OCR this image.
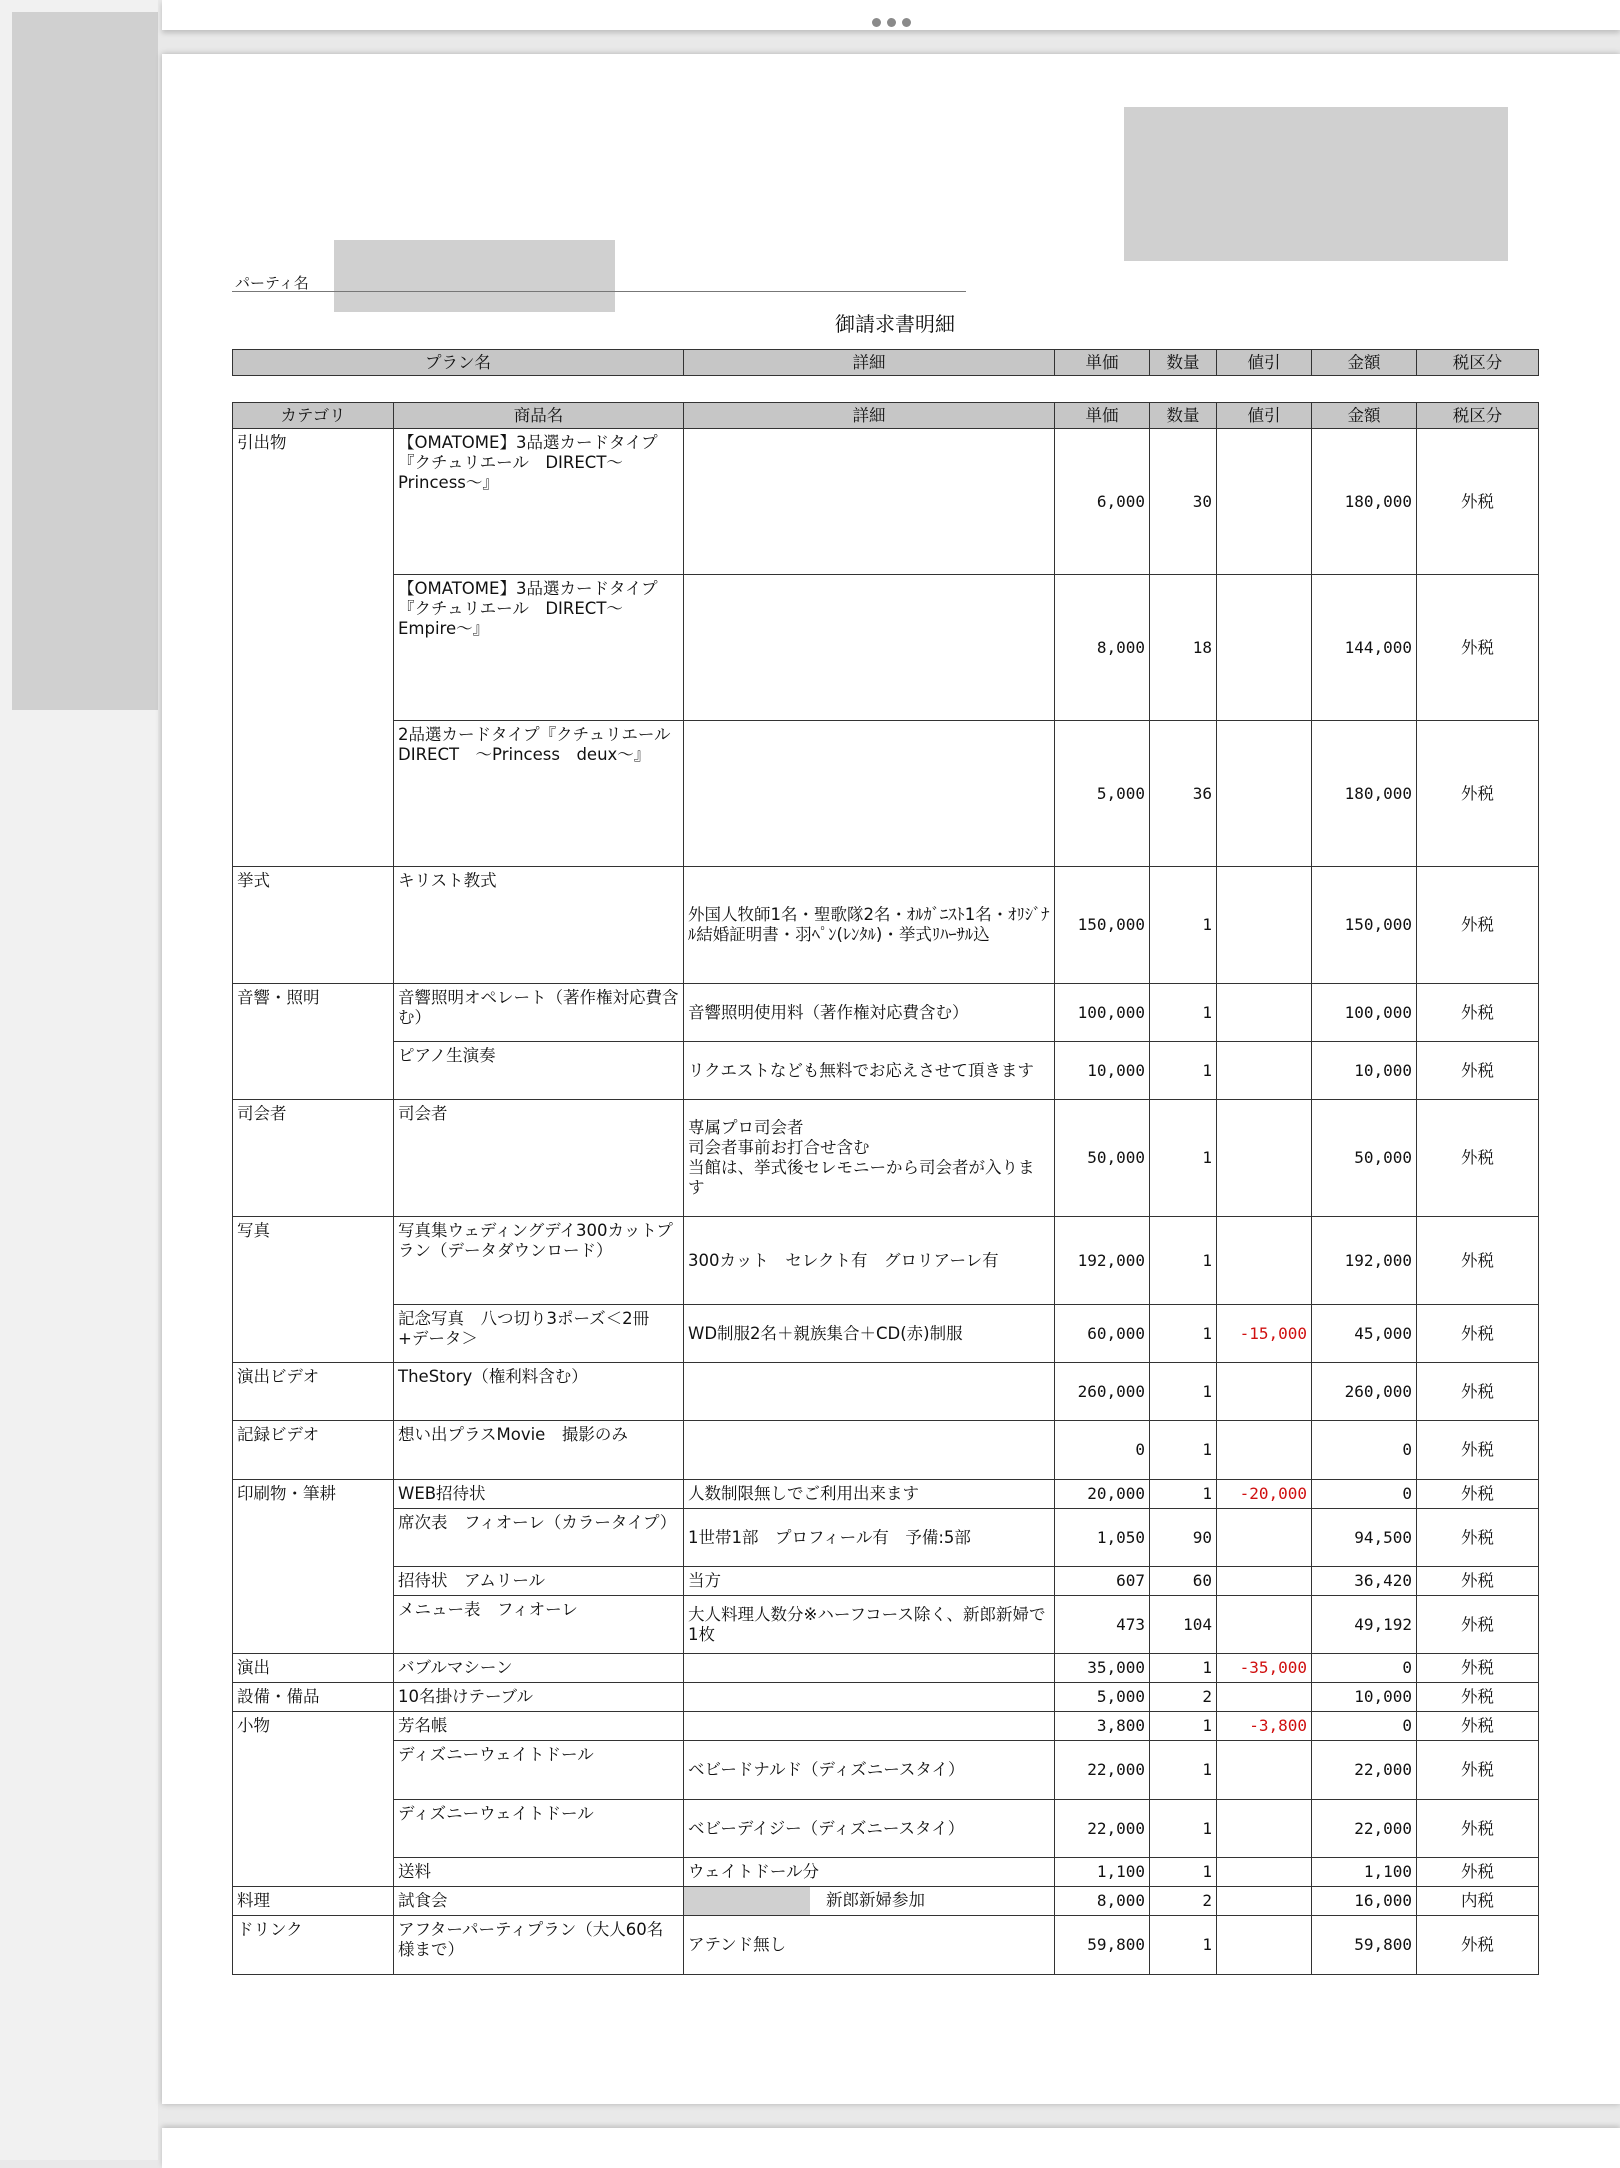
パーティ名
御請求書明細
プラン名	詳細	単価	数量	値引	金額	税区分
カテゴリ	商品名	詳細	単価	数量	値引	金額	税区分
引出物	【OMATOME】3品選カードタイプ『クチュリエール　DIRECT〜Princess〜』		6,000	30		180,000	外税
	【OMATOME】3品選カードタイプ『クチュリエール　DIRECT〜Empire〜』		8,000	18		144,000	外税
	2品選カードタイプ『クチュリエール　DIRECT　〜Princess　deux〜』		5,000	36		180,000	外税
挙式	キリスト教式	外国人牧師1名・聖歌隊2名・ｵﾙｶﾞﾆｽﾄ1名・ｵﾘｼﾞﾅﾙ結婚証明書・羽ﾍﾟﾝ(ﾚﾝﾀﾙ)・挙式ﾘﾊｰｻﾙ込	150,000	1		150,000	外税
音響・照明	音響照明オペレート（著作権対応費含む）	音響照明使用料（著作権対応費含む）	100,000	1		100,000	外税
	ピアノ生演奏	リクエストなども無料でお応えさせて頂きます	10,000	1		10,000	外税
司会者	司会者	専属プロ司会者
司会者事前お打合せ含む
当館は、挙式後セレモニーから司会者が入ります	50,000	1		50,000	外税
写真	写真集ウェディングデイ300カットプラン（データダウンロード）	300カット　セレクト有　グロリアーレ有	192,000	1		192,000	外税
	記念写真　八つ切り3ポーズ＜2冊+データ＞	WD制服2名＋親族集合＋CD(赤)制服	60,000	1	-15,000	45,000	外税
演出ビデオ	TheStory（権利料含む）		260,000	1		260,000	外税
記録ビデオ	想い出プラスMovie　撮影のみ		0	1		0	外税
印刷物・筆耕	WEB招待状	人数制限無しでご利用出来ます	20,000	1	-20,000	0	外税
	席次表　フィオーレ（カラータイプ）	1世帯1部　プロフィール有　予備:5部	1,050	90		94,500	外税
	招待状　アムリール	当方	607	60		36,420	外税
	メニュー表　フィオーレ	大人料理人数分※ハーフコース除く、新郎新婦で1枚	473	104		49,192	外税
演出	バブルマシーン		35,000	1	-35,000	0	外税
設備・備品	10名掛けテーブル		5,000	2		10,000	外税
小物	芳名帳		3,800	1	-3,800	0	外税
	ディズニーウェイトドール	ベビードナルド（ディズニースタイ）	22,000	1		22,000	外税
	ディズニーウェイトドール	ベビーデイジー（ディズニースタイ）	22,000	1		22,000	外税
	送料	ウェイトドール分	1,100	1		1,100	外税
料理	試食会	新郎新婦参加	8,000	2		16,000	内税
ドリンク	アフターパーティプラン（大人60名様まで）	アテンド無し	59,800	1		59,800	外税
